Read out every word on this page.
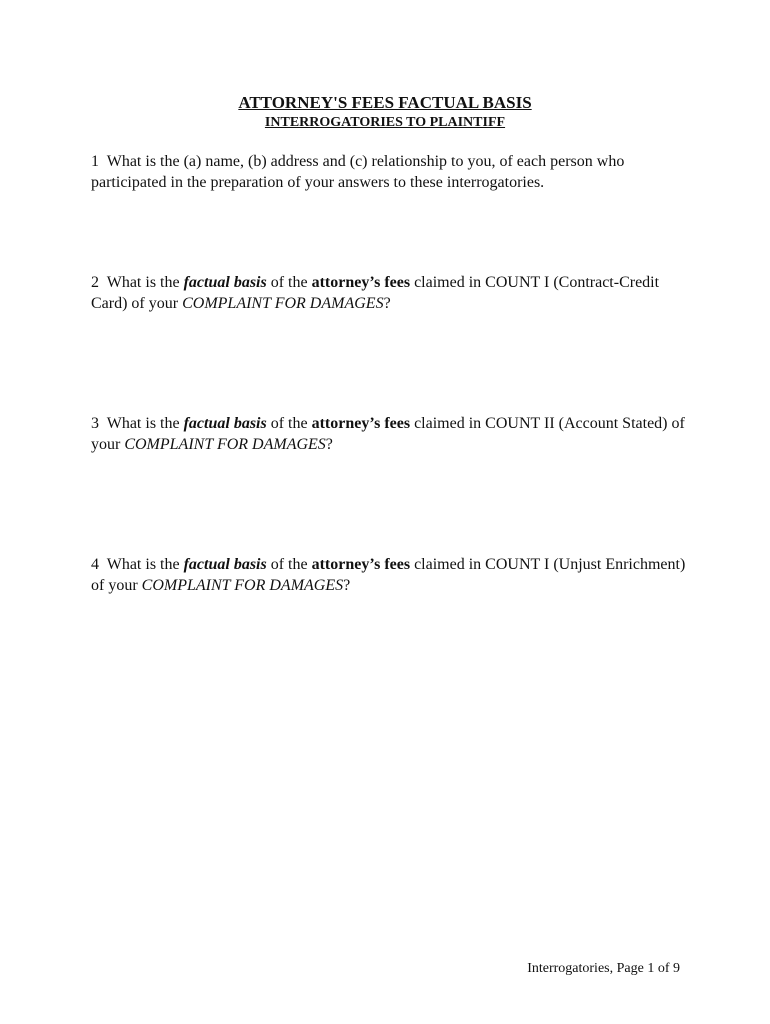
ATTORNEY'S FEES FACTUAL BASIS
INTERROGATORIES TO PLAINTIFF
1 What is the (a) name, (b) address and (c) relationship to you, of each person who participated in the preparation of your answers to these interrogatories.
2 What is the factual basis of the attorney’s fees claimed in COUNT I (Contract-Credit Card) of your COMPLAINT FOR DAMAGES?
3 What is the factual basis of the attorney’s fees claimed in COUNT II (Account Stated) of your COMPLAINT FOR DAMAGES?
4 What is the factual basis of the attorney’s fees claimed in COUNT I (Unjust Enrichment) of your COMPLAINT FOR DAMAGES?
Interrogatories, Page 1 of 9
